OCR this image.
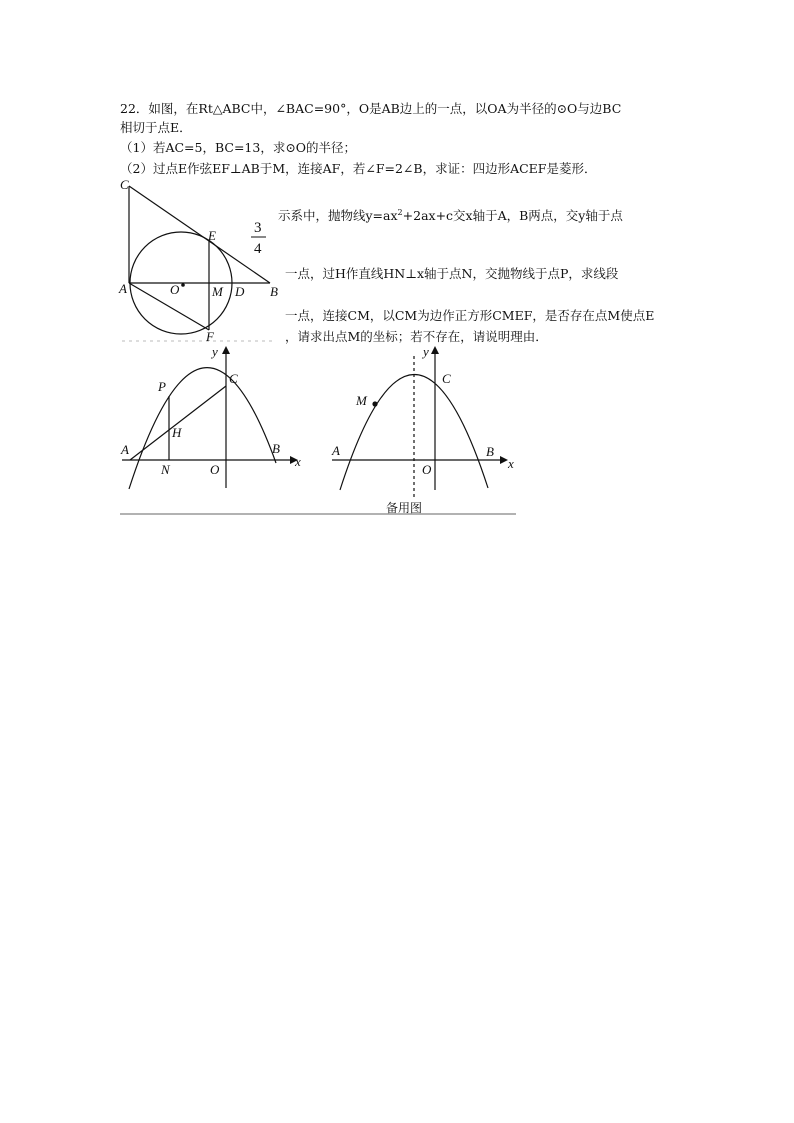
22．如图，在Rt△ABC中，∠BAC=90°，O是AB边上的一点，以OA为半径的⊙O与边BC
相切于点E．
（1）若AC=5，BC=13，求⊙O的半径；
（2）过点E作弦EF⊥AB于M，连接AF，若∠F=2∠B，求证：四边形ACEF是菱形．
示系中，抛物线$y=ax^2+2ax+c$交x轴于A，B两点，交y轴于点
一点，过H作直线HN⊥x轴于点N，交抛物线于点P，求线段
一点，连接CM，以CM为边作正方形CMEF，是否存在点M使点E
，请求出点M的坐标；若不存在，请说明理由．
C
E
A	O	M D B
F
3
4
y
P
C
H
A
N	O
B
x
y
M
C
A
O
B
x
备用图
